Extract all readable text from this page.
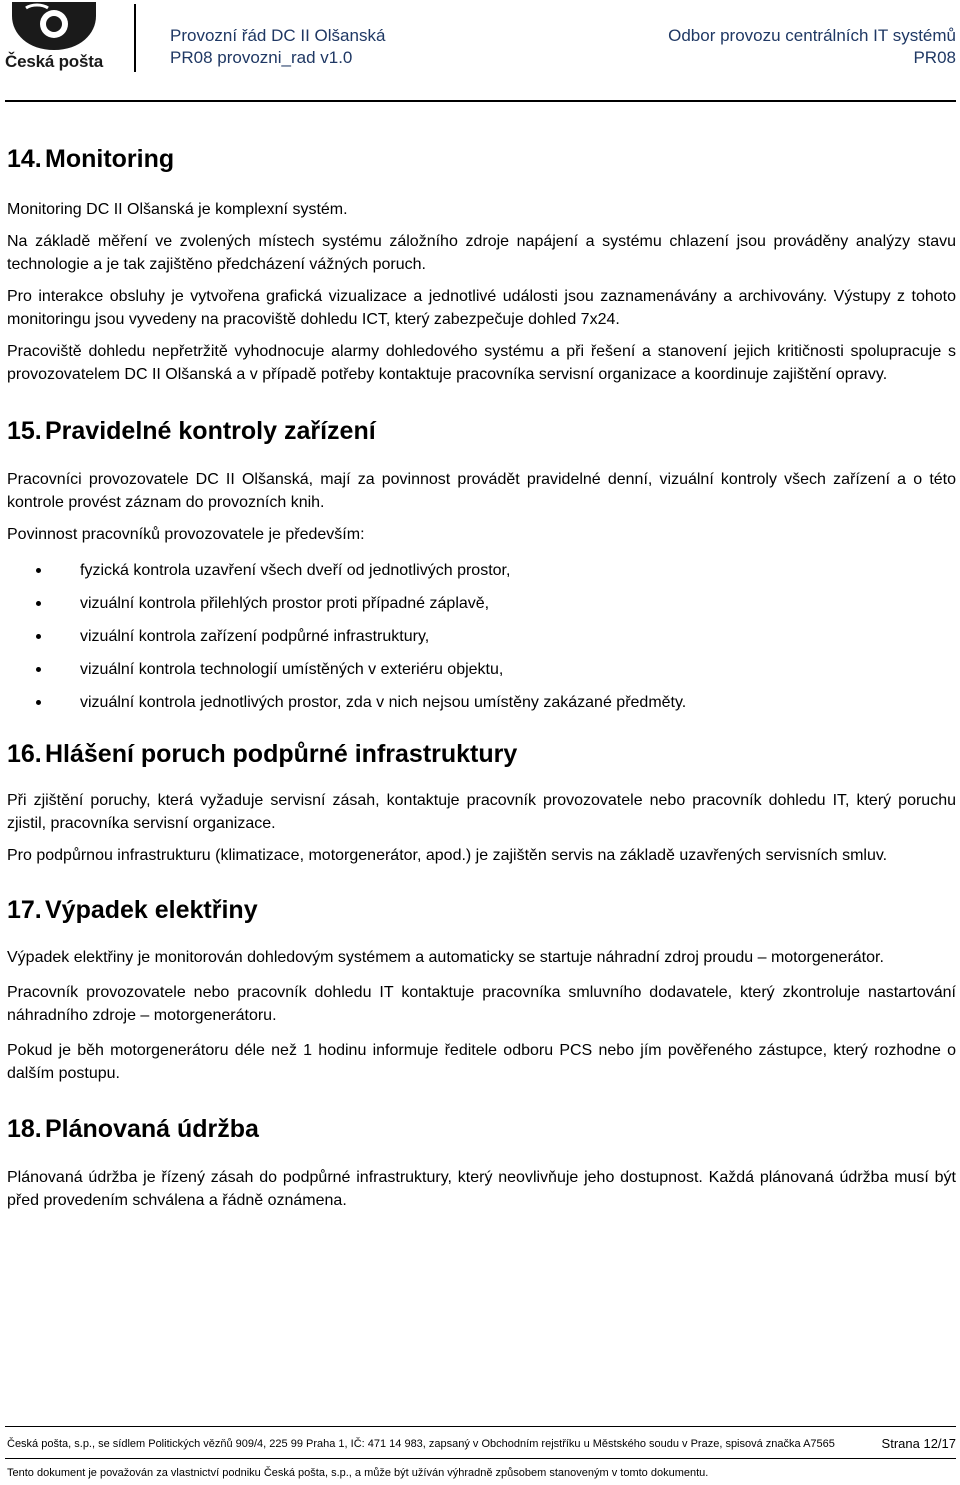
Česká pošta
Provozní řád DC II Olšanská
PR08 provozni_rad v1.0
Odbor provozu centrálních IT systémů
PR08
14. Monitoring

Monitoring DC II Olšanská je komplexní systém.

Na základě měření ve zvolených místech systému záložního zdroje napájení a systému chlazení jsou prováděny analýzy stavu technologie a je tak zajištěno předcházení vážných poruch.

Pro interakce obsluhy je vytvořena grafická vizualizace a jednotlivé události jsou zaznamenávány a archivovány. Výstupy z tohoto monitoringu jsou vyvedeny na pracoviště dohledu ICT, který zabezpečuje dohled 7x24.

Pracoviště dohledu nepřetržitě vyhodnocuje alarmy dohledového systému a při řešení a stanovení jejich kritičnosti spolupracuje s provozovatelem DC II Olšanská a v případě potřeby kontaktuje pracovníka servisní organizace a koordinuje zajištění opravy.

15. Pravidelné kontroly zařízení

Pracovníci provozovatele DC II Olšanská, mají za povinnost provádět pravidelné denní, vizuální kontroly všech zařízení a o této kontrole provést záznam do provozních knih.

Povinnost pracovníků provozovatele je především:

fyzická kontrola uzavření všech dveří od jednotlivých prostor,
vizuální kontrola přilehlých prostor proti případné záplavě,
vizuální kontrola zařízení podpůrné infrastruktury,
vizuální kontrola technologií umístěných v exteriéru objektu,
vizuální kontrola jednotlivých prostor, zda v nich nejsou umístěny zakázané předměty.
16. Hlášení poruch podpůrné infrastruktury

Při zjištění poruchy, která vyžaduje servisní zásah, kontaktuje pracovník provozovatele nebo pracovník dohledu IT, který poruchu zjistil, pracovníka servisní organizace.

Pro podpůrnou infrastrukturu (klimatizace, motorgenerátor, apod.) je zajištěn servis na základě uzavřených servisních smluv.

17. Výpadek elektřiny

Výpadek elektřiny je monitorován dohledovým systémem a automaticky se startuje náhradní zdroj proudu – motorgenerátor.

Pracovník provozovatele nebo pracovník dohledu IT kontaktuje pracovníka smluvního dodavatele, který zkontroluje nastartování náhradního zdroje – motorgenerátoru.

Pokud je běh motorgenerátoru déle než 1 hodinu informuje ředitele odboru PCS nebo jím pověřeného zástupce, který rozhodne o dalším postupu.

18. Plánovaná údržba

Plánovaná údržba je řízený zásah do podpůrné infrastruktury, který neovlivňuje jeho dostupnost. Každá plánovaná údržba musí být před provedením schválena a řádně oznámena.

Česká pošta, s.p., se sídlem Politických vězňů 909/4, 225 99 Praha 1, IČ: 471 14 983, zapsaný v Obchodním rejstříku u Městského soudu v Praze, spisová značka A7565	Strana 12/17
Tento dokument je považován za vlastnictví podniku Česká pošta, s.p., a může být užíván výhradně způsobem stanoveným v tomto dokumentu.
